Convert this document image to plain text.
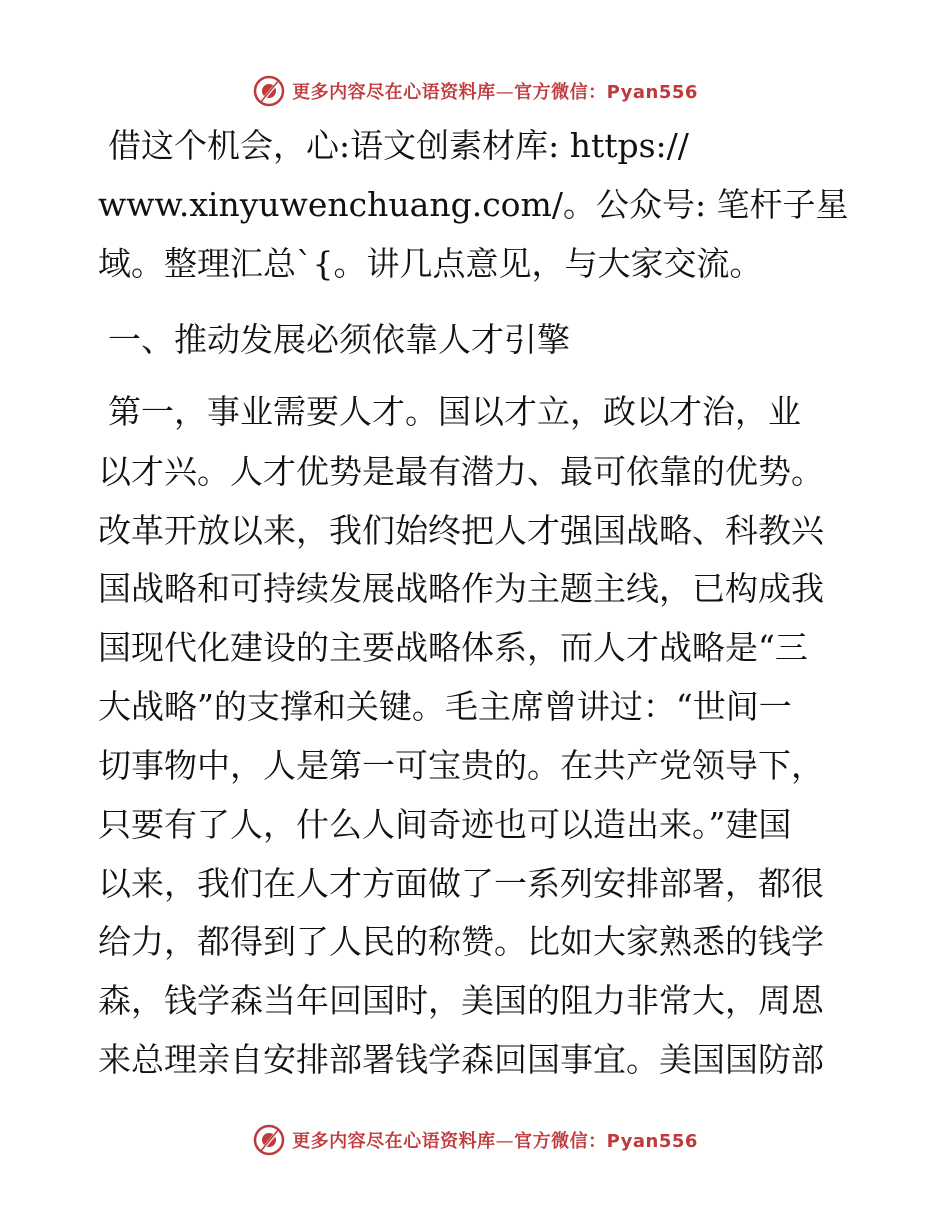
更多内容尽在心语资料库—官方微信：Pyan556
借这个机会，心:语文创素材库: https://
www.xinyuwenchuang.com/。公众号: 笔杆子星
域。整理汇总`{。讲几点意见，与大家交流。
一、推动发展必须依靠人才引擎
第一，事业需要人才。国以才立，政以才治，业
以才兴。人才优势是最有潜力、最可依靠的优势。
改革开放以来，我们始终把人才强国战略、科教兴
国战略和可持续发展战略作为主题主线，已构成我
国现代化建设的主要战略体系，而人才战略是“三
大战略”的支撑和关键。毛主席曾讲过：“世间一
切事物中，人是第一可宝贵的。在共产党领导下，
只要有了人，什么人间奇迹也可以造出来。”建国
以来，我们在人才方面做了一系列安排部署，都很
给力，都得到了人民的称赞。比如大家熟悉的钱学
森，钱学森当年回国时，美国的阻力非常大，周恩
来总理亲自安排部署钱学森回国事宜。美国国防部
更多内容尽在心语资料库—官方微信：Pyan556
